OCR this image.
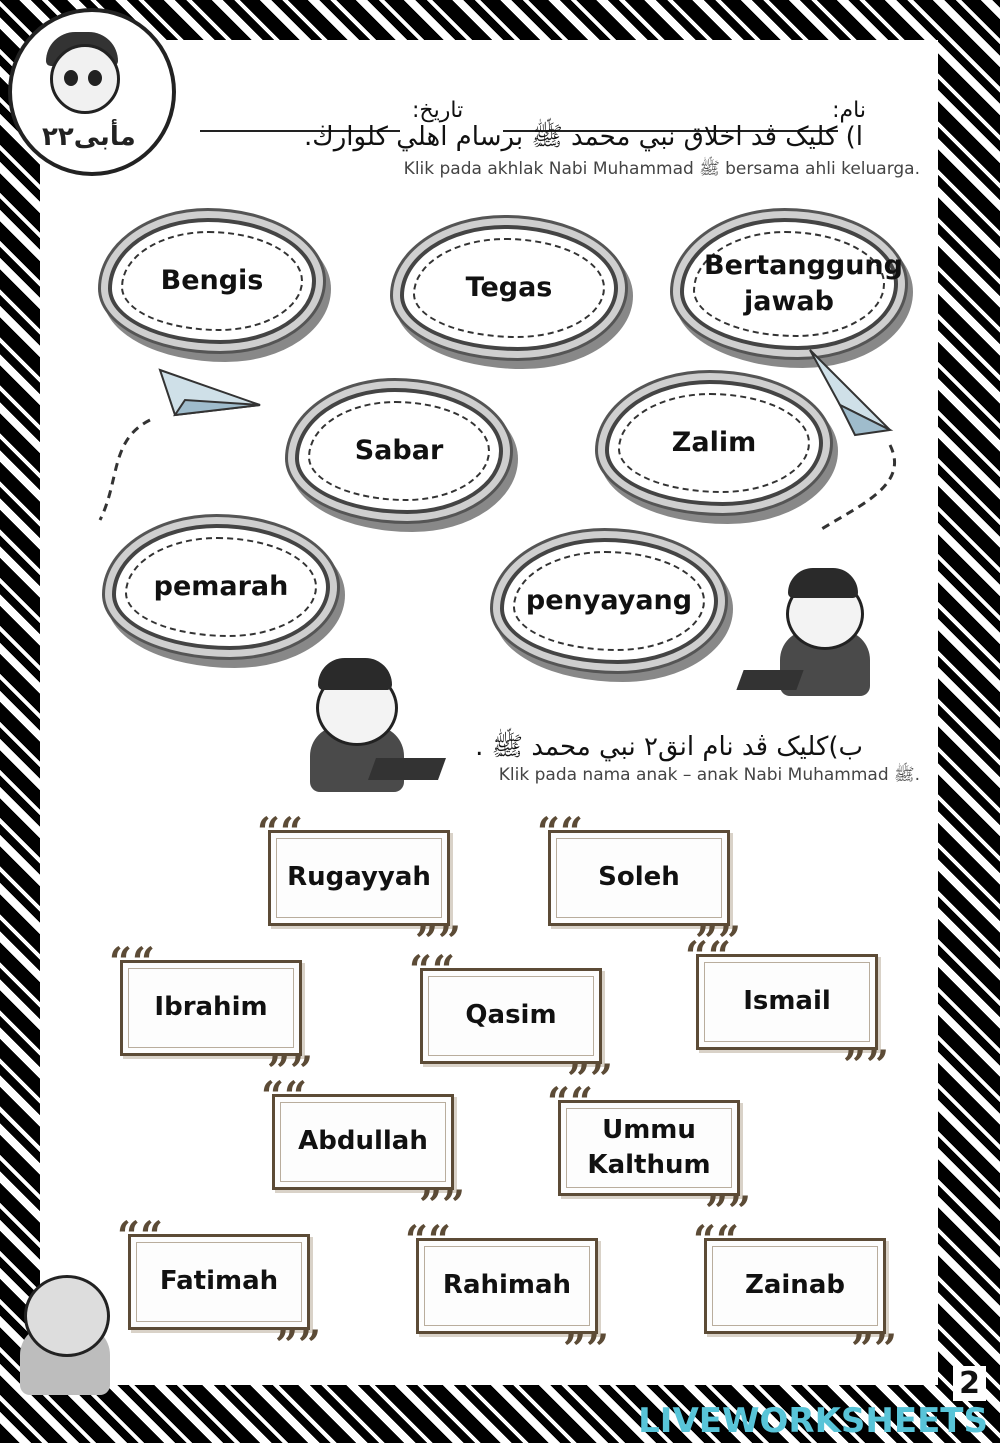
نام:
تاريخ:
ا) كليک ڤد اخلاق نبي محمد ﷺ برسام اهلي كلوارڬ.
Klik pada akhlak Nabi Muhammad ﷺ bersama ahli keluarga.
Bengis	Tegas
Bertanggung jawab
Sabar	Zalim
pemarah	penyayang
ب)كليک ڤد نام انق٢ نبي محمد ﷺ .
Klik pada nama anak – anak Nabi Muhammad ﷺ.
““ Rugayyah
””	““ Soleh
””
““ Ibrahim
””	““ Qasim
””	““ Ismail
””
““ Abdullah
””	““ Ummu Kalthum
””
““ Fatimah
””	““ Rahimah
””	““ Zainab
””
مأبى٢٢
2
LIVEWORKSHEETS
